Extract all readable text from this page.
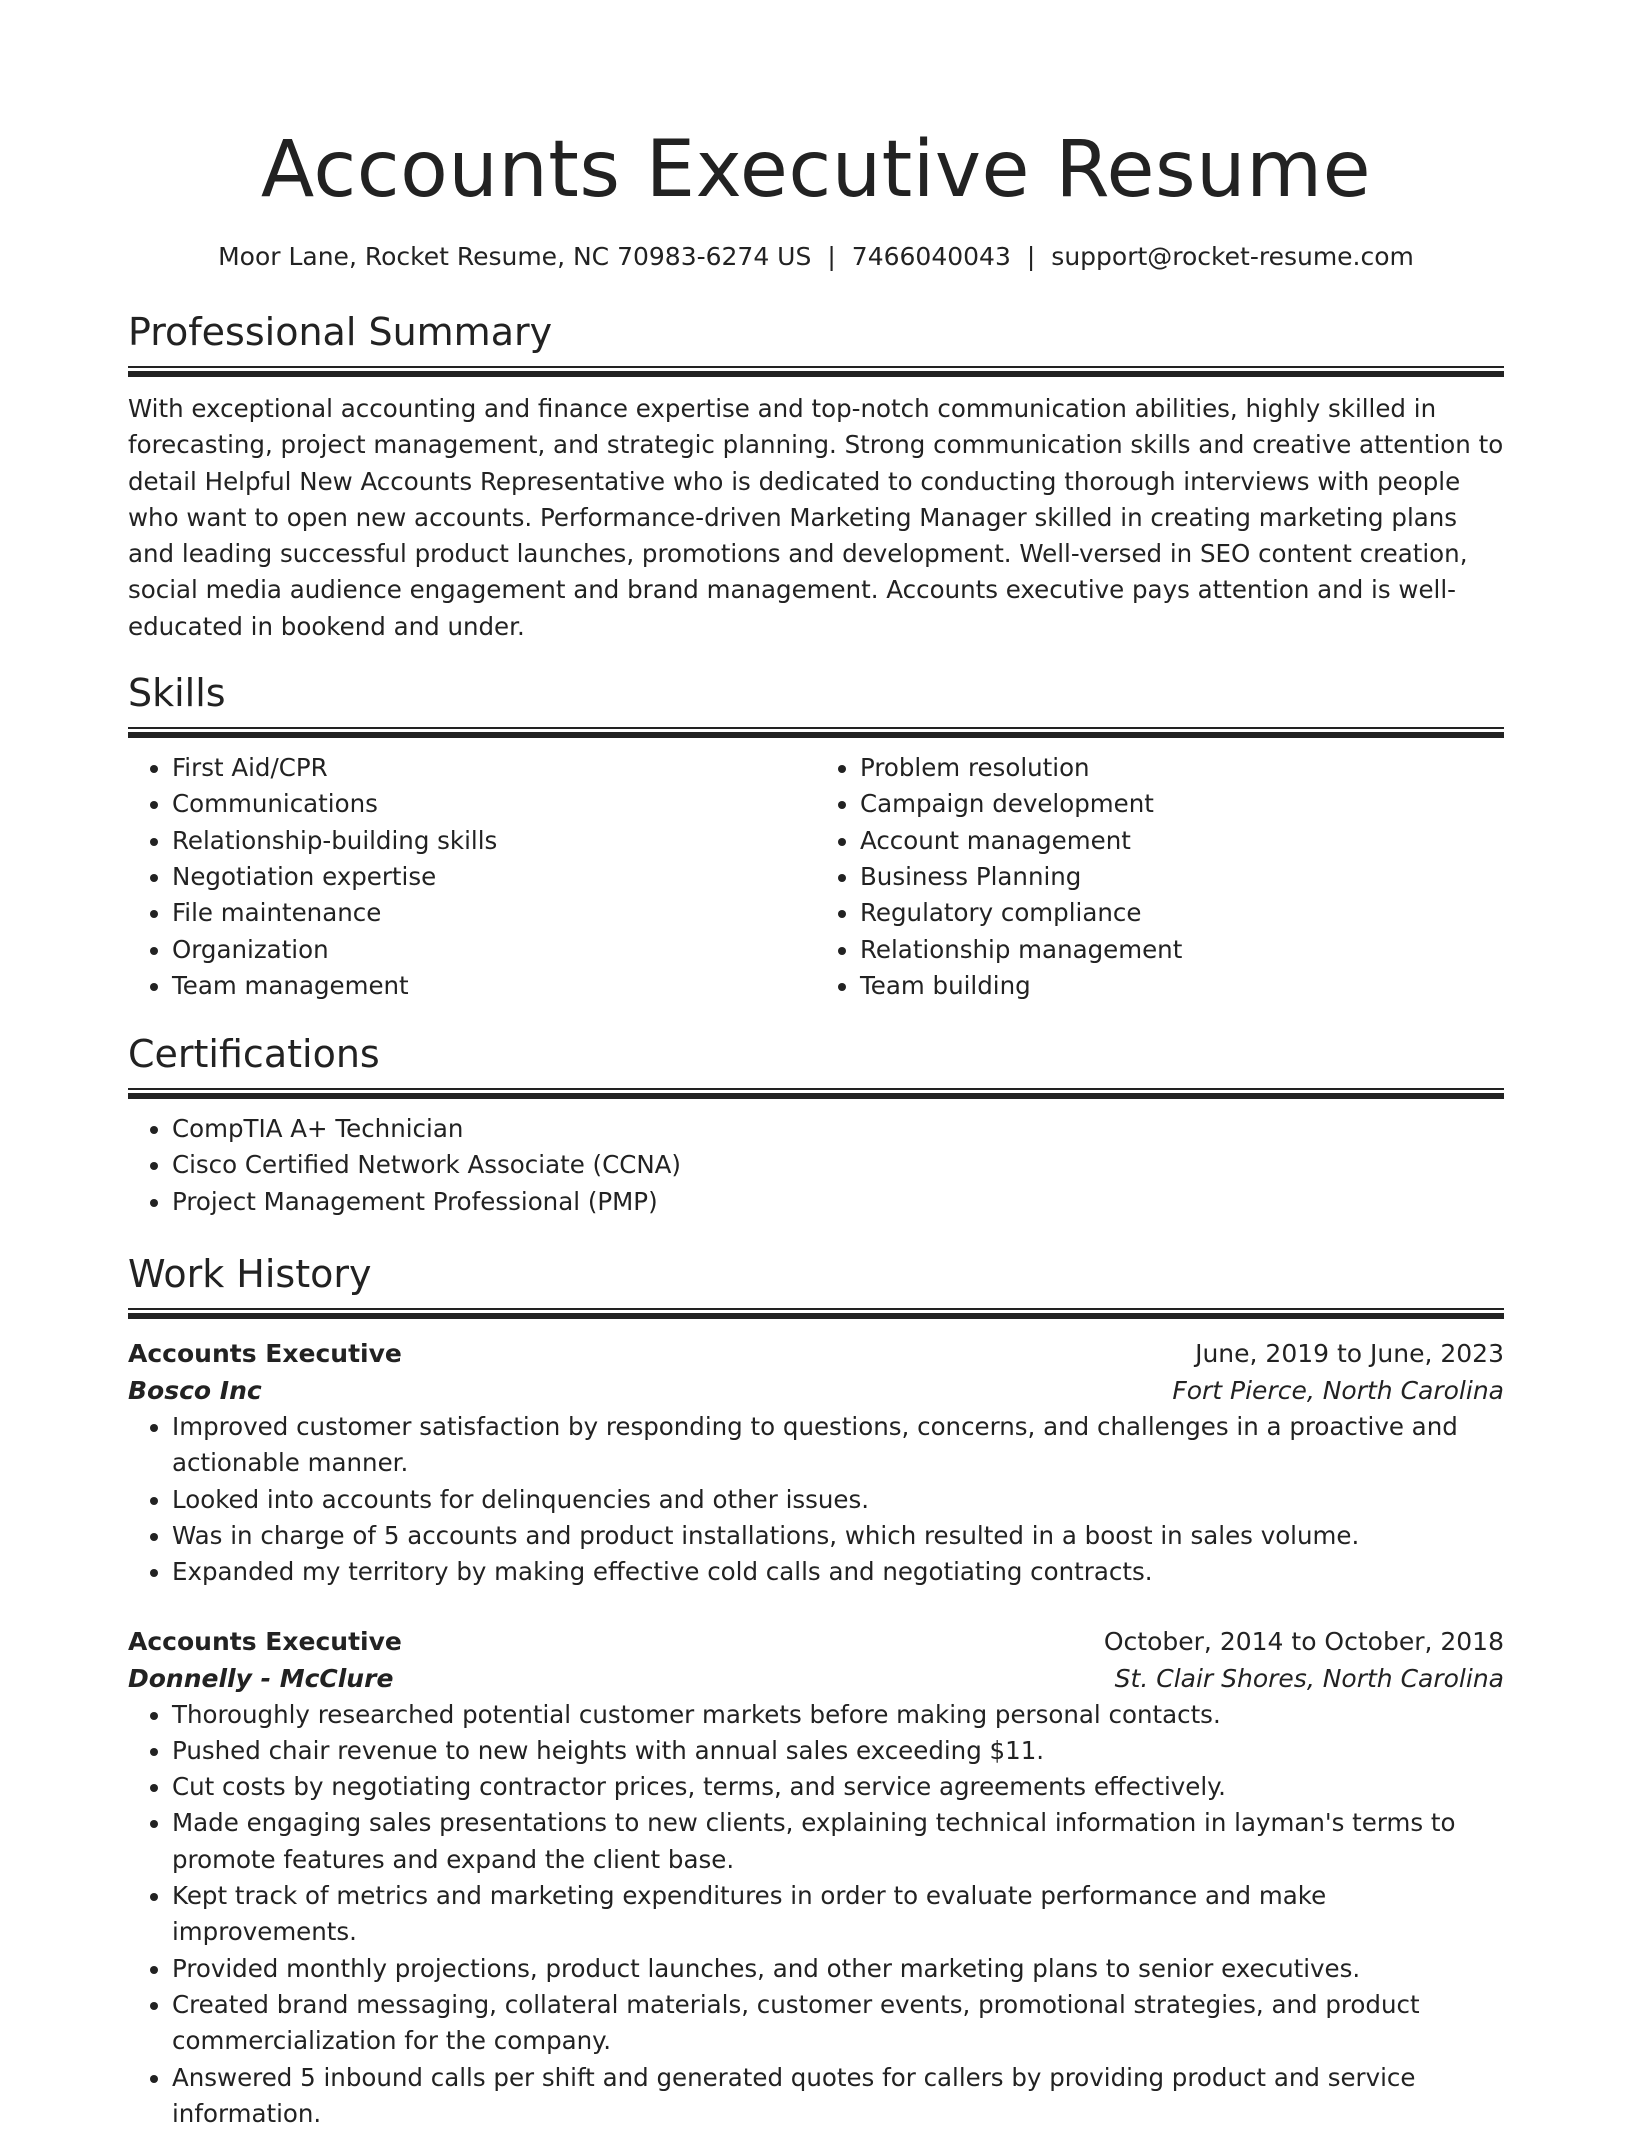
Accounts Executive Resume
Moor Lane, Rocket Resume, NC 70983-6274 US | 7466040043 | support@rocket-resume.com
Professional Summary
With exceptional accounting and finance expertise and top-notch communication abilities, highly skilled in forecasting, project management, and strategic planning. Strong communication skills and creative attention to detail Helpful New Accounts Representative who is dedicated to conducting thorough interviews with people who want to open new accounts. Performance-driven Marketing Manager skilled in creating marketing plans and leading successful product launches, promotions and development. Well-versed in SEO content creation, social media audience engagement and brand management. Accounts executive pays attention and is well-educated in bookend and under.
Skills
• First Aid/CPR
• Communications
• Relationship-building skills
• Negotiation expertise
• File maintenance
• Organization
• Team management
• Problem resolution
• Campaign development
• Account management
• Business Planning
• Regulatory compliance
• Relationship management
• Team building
Certifications
• CompTIA A+ Technician
• Cisco Certified Network Associate (CCNA)
• Project Management Professional (PMP)
Work History
Accounts Executive	June, 2019 to June, 2023
Bosco Inc	Fort Pierce, North Carolina
• Improved customer satisfaction by responding to questions, concerns, and challenges in a proactive and actionable manner.
• Looked into accounts for delinquencies and other issues.
• Was in charge of 5 accounts and product installations, which resulted in a boost in sales volume.
• Expanded my territory by making effective cold calls and negotiating contracts.
Accounts Executive	October, 2014 to October, 2018
Donnelly - McClure	St. Clair Shores, North Carolina
• Thoroughly researched potential customer markets before making personal contacts.
• Pushed chair revenue to new heights with annual sales exceeding $11.
• Cut costs by negotiating contractor prices, terms, and service agreements effectively.
• Made engaging sales presentations to new clients, explaining technical information in layman's terms to promote features and expand the client base.
• Kept track of metrics and marketing expenditures in order to evaluate performance and make improvements.
• Provided monthly projections, product launches, and other marketing plans to senior executives.
• Created brand messaging, collateral materials, customer events, promotional strategies, and product commercialization for the company.
• Answered 5 inbound calls per shift and generated quotes for callers by providing product and service information.
